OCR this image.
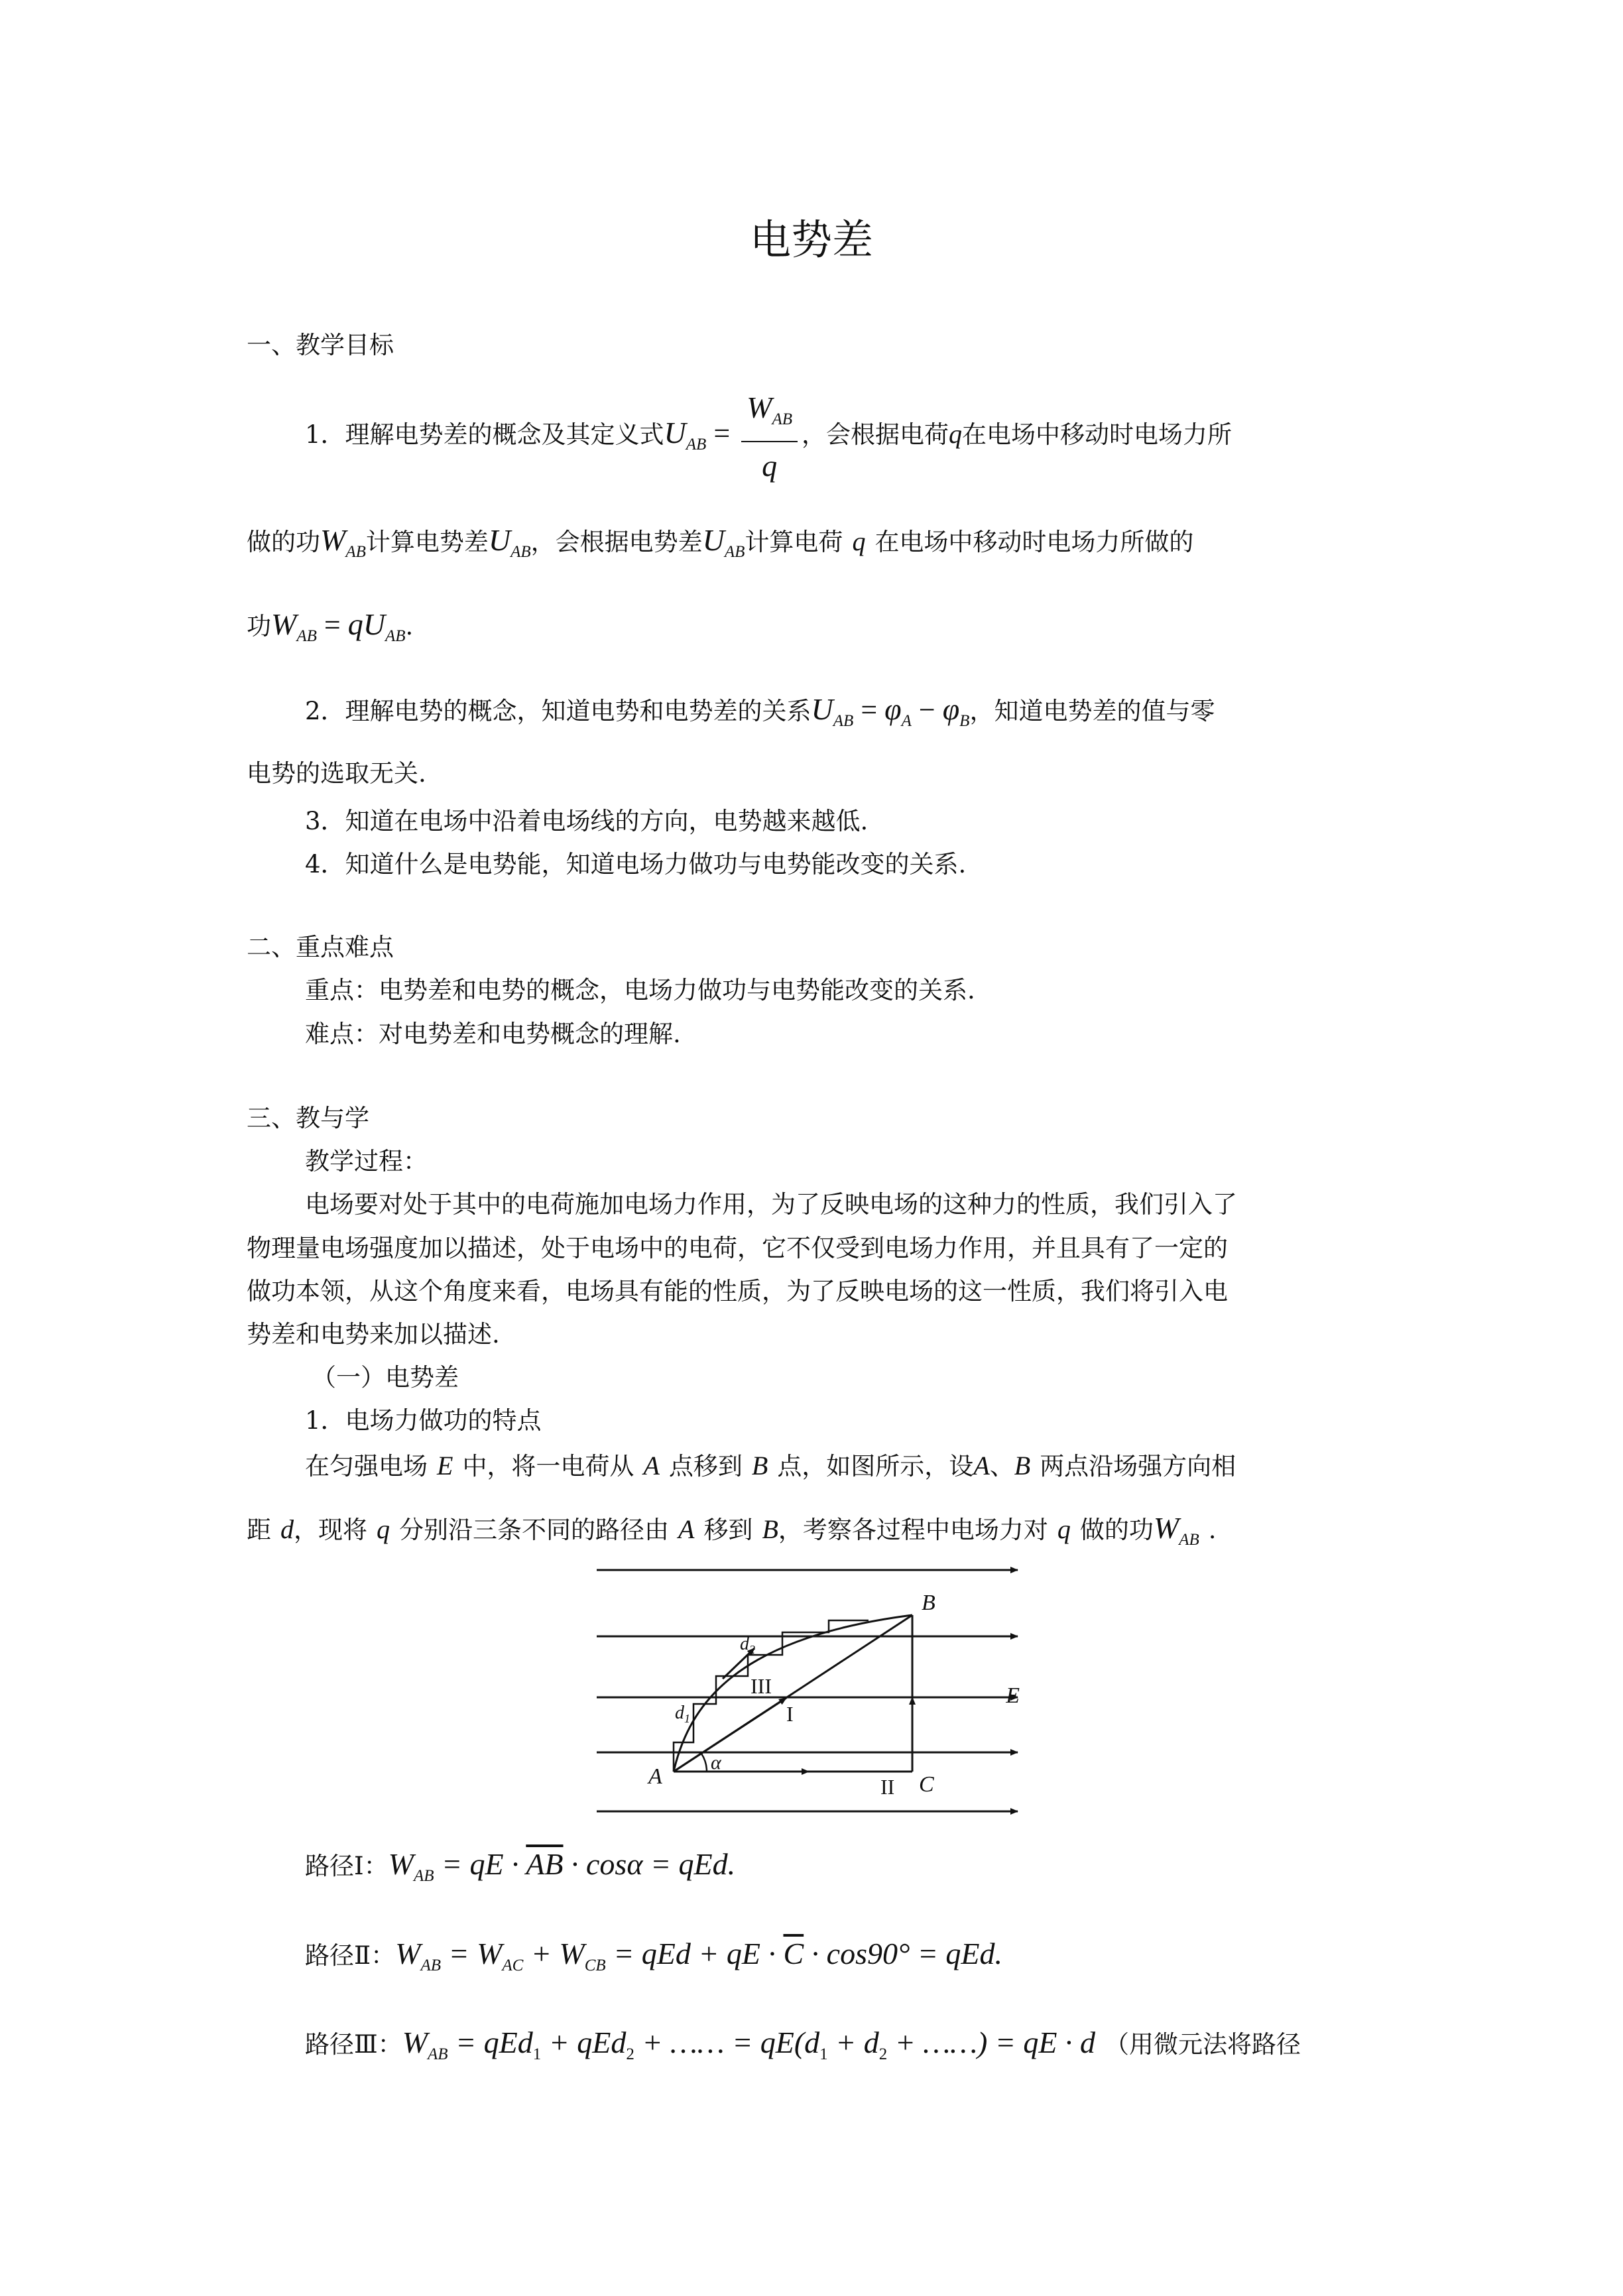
电势差
一、教学目标
1．理解电势差的概念及其定义式$U_{AB} = \frac{W_{AB}}{q}$ ，会根据电荷q在电场中移动时电场力所
做的功$W_{AB}$计算电势差$U_{AB}$，会根据电势差$U_{AB}$计算电荷 q 在电场中移动时电场力所做的
功$W_{AB} = qU_{AB}$.
2．理解电势的概念，知道电势和电势差的关系$U_{AB} = \varphi_A - \varphi_B$，知道电势差的值与零
电势的选取无关.
3．知道在电场中沿着电场线的方向，电势越来越低.
4．知道什么是电势能，知道电场力做功与电势能改变的关系.
二、重点难点
重点：电势差和电势的概念，电场力做功与电势能改变的关系.
难点：对电势差和电势概念的理解.
三、教与学
教学过程：
电场要对处于其中的电荷施加电场力作用，为了反映电场的这种力的性质，我们引入了
物理量电场强度加以描述，处于电场中的电荷，它不仅受到电场力作用，并且具有了一定的
做功本领，从这个角度来看，电场具有能的性质，为了反映电场的这一性质，我们将引入电
势差和电势来加以描述.
（一）电势差
1．电场力做功的特点
在匀强电场 E 中，将一电荷从 A 点移到 B 点，如图所示，设A、B 两点沿场强方向相
距 d，现将 q 分别沿三条不同的路径由 A 移到 B，考察各过程中电场力对 q 做的功$W_{AB}$ .
B
E
A	C
α
$d_1$
$d_2$
I
II
III
路径Ⅰ：$W_{AB}$ = qE · $\overline{AB} \cdot \cos\alpha$ = qEd.
路径Ⅱ：$W_{AB} = W_{AC} + W_{CB}$ = qEd + qE · $\overline{C} \cdot \cos 90^\circ$ = qEd.
路径Ⅲ：$W_{AB} = qEd_1 + qEd_2$ + …… = $qE(d_1 + d_2$ + ……) = qE · d （用微元法将路径
